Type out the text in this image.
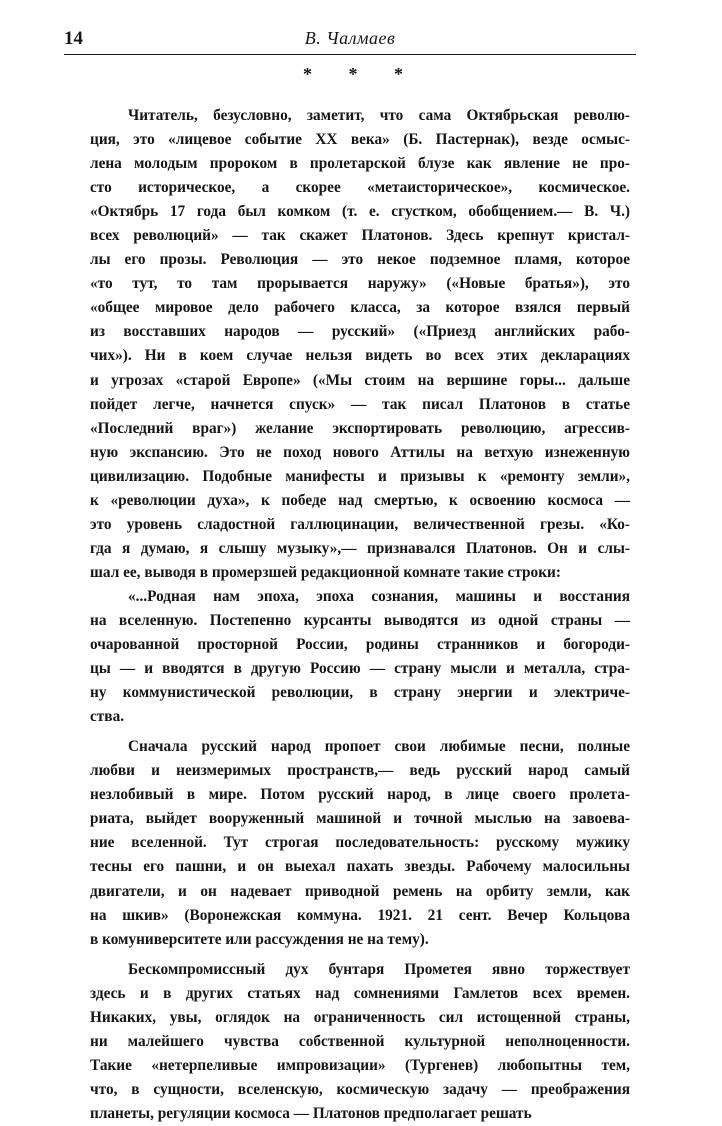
14	В. Чалмаев
* * *
Читатель, безусловно, заметит, что сама Октябрьская револю-
ция, это «лицевое событие XX века» (Б. Пастернак), везде осмыс-
лена молодым пророком в пролетарской блузе как явление не про-
сто историческое, а скорее «метаисторическое», космическое.
«Октябрь 17 года был комком (т. е. сгустком, обобщением.— В. Ч.)
всех революций» — так скажет Платонов. Здесь крепнут кристал-
лы его прозы. Революция — это некое подземное пламя, которое
«то тут, то там прорывается наружу» («Новые братья»), это
«общее мировое дело рабочего класса, за которое взялся первый
из восставших народов — русский» («Приезд английских рабо-
чих»). Ни в коем случае нельзя видеть во всех этих декларациях
и угрозах «старой Европе» («Мы стоим на вершине горы... дальше
пойдет легче, начнется спуск» — так писал Платонов в статье
«Последний враг») желание экспортировать революцию, агрессив-
ную экспансию. Это не поход нового Аттилы на ветхую изнеженную
цивилизацию. Подобные манифесты и призывы к «ремонту земли»,
к «революции духа», к победе над смертью, к освоению космоса —
это уровень сладостной галлюцинации, величественной грезы. «Ко-
гда я думаю, я слышу музыку»,— признавался Платонов. Он и слы-
шал ее, выводя в промерзшей редакционной комнате такие строки:
«...Родная нам эпоха, эпоха сознания, машины и восстания
на вселенную. Постепенно курсанты выводятся из одной страны —
очарованной просторной России, родины странников и богороди-
цы — и вводятся в другую Россию — страну мысли и металла, стра-
ну коммунистической революции, в страну энергии и электриче-
ства.
Сначала русский народ пропоет свои любимые песни, полные
любви и неизмеримых пространств,— ведь русский народ самый
незлобивый в мире. Потом русский народ, в лице своего пролета-
риата, выйдет вооруженный машиной и точной мыслью на завоева-
ние вселенной. Тут строгая последовательность: русскому мужику
тесны его пашни, и он выехал пахать звезды. Рабочему малосильны
двигатели, и он надевает приводной ремень на орбиту земли, как
на шкив» (Воронежская коммуна. 1921. 21 сент. Вечер Кольцова
в комуниверситете или рассуждения не на тему).
Бескомпромиссный дух бунтаря Прометея явно торжествует
здесь и в других статьях над сомнениями Гамлетов всех времен.
Никаких, увы, оглядок на ограниченность сил истощенной страны,
ни малейшего чувства собственной культурной неполноценности.
Такие «нетерпеливые импровизации» (Тургенев) любопытны тем,
что, в сущности, вселенскую, космическую задачу — преображения
планеты, регуляции космоса — Платонов предполагает решать
